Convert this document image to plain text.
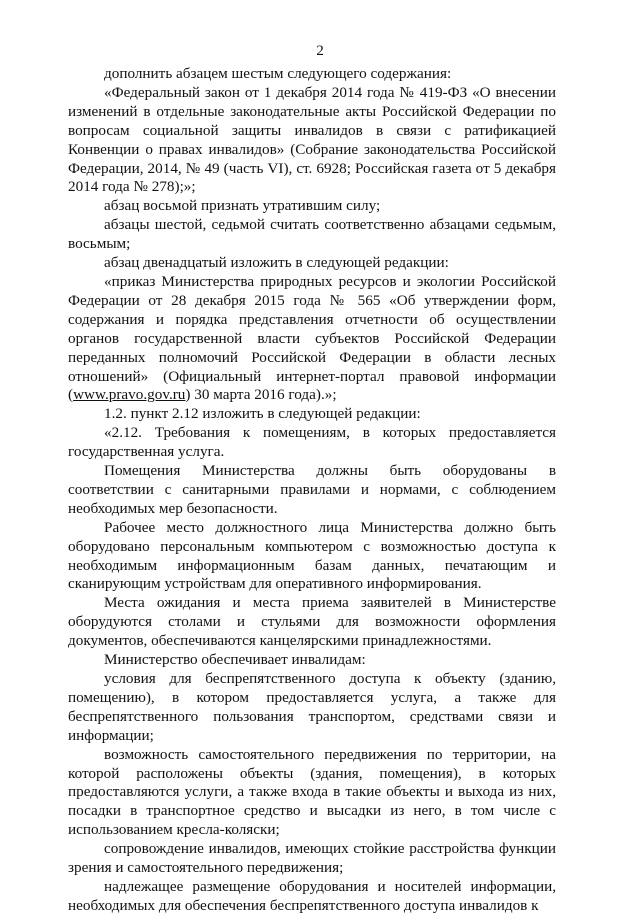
2

дополнить абзацем шестым следующего содержания:

«Федеральный закон от 1 декабря 2014 года № 419-ФЗ «О внесении изменений в отдельные законодательные акты Российской Федерации по вопросам социальной защиты инвалидов в связи с ратификацией Конвенции о правах инвалидов» (Собрание законодательства Российской Федерации, 2014, № 49 (часть VI), ст. 6928; Российская газета от 5 декабря 2014 года № 278);»;

абзац восьмой признать утратившим силу;

абзацы шестой, седьмой считать соответственно абзацами седьмым, восьмым;

абзац двенадцатый изложить в следующей редакции:

«приказ Министерства природных ресурсов и экологии Российской Федерации от 28 декабря 2015 года № 565 «Об утверждении форм, содержания и порядка представления отчетности об осуществлении органов государственной власти субъектов Российской Федерации переданных полномочий Российской Федерации в области лесных отношений» (Официальный интернет-портал правовой информации (www.pravo.gov.ru) 30 марта 2016 года).»;

1.2. пункт 2.12 изложить в следующей редакции:

«2.12. Требования к помещениям, в которых предоставляется государственная услуга.

Помещения Министерства должны быть оборудованы в соответствии с санитарными правилами и нормами, с соблюдением необходимых мер безопасности.

Рабочее место должностного лица Министерства должно быть оборудовано персональным компьютером с возможностью доступа к необходимым информационным базам данных, печатающим и сканирующим устройствам для оперативного информирования.

Места ожидания и места приема заявителей в Министерстве оборудуются столами и стульями для возможности оформления документов, обеспечиваются канцелярскими принадлежностями.

Министерство обеспечивает инвалидам:

условия для беспрепятственного доступа к объекту (зданию, помещению), в котором предоставляется услуга, а также для беспрепятственного пользования транспортом, средствами связи и информации;

возможность самостоятельного передвижения по территории, на которой расположены объекты (здания, помещения), в которых предоставляются услуги, а также входа в такие объекты и выхода из них, посадки в транспортное средство и высадки из него, в том числе с использованием кресла-коляски;

сопровождение инвалидов, имеющих стойкие расстройства функции зрения и самостоятельного передвижения;

надлежащее размещение оборудования и носителей информации, необходимых для обеспечения беспрепятственного доступа инвалидов к
